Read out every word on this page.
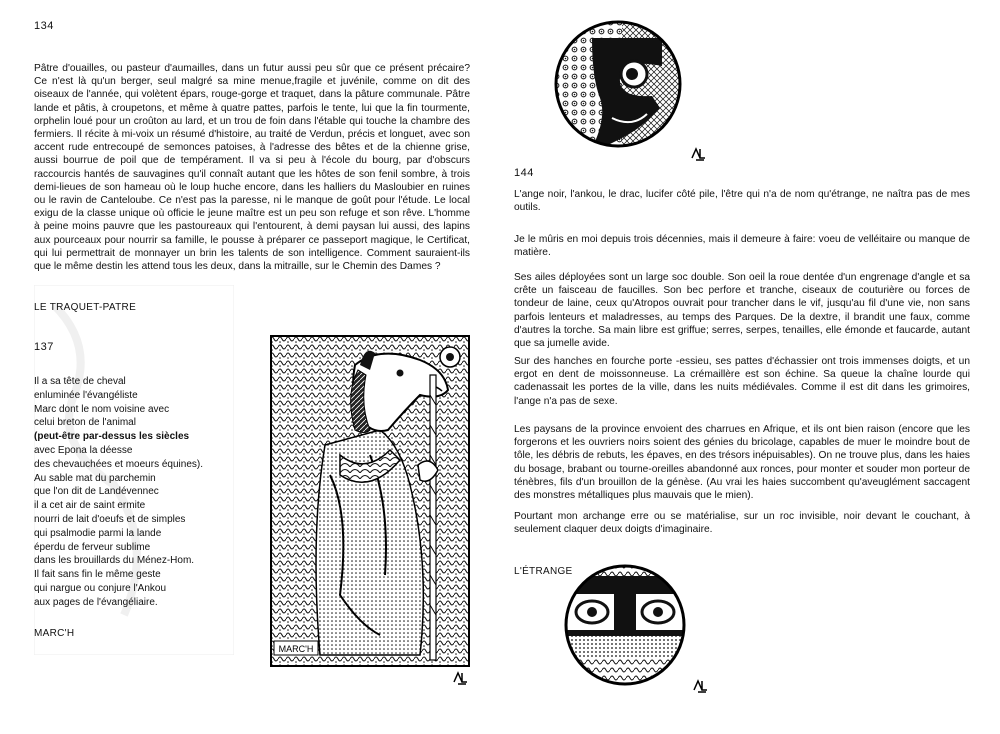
134
Pâtre d'ouailles, ou pasteur d'aumailles, dans un futur aussi peu sûr que ce présent précaire? Ce n'est là qu'un berger, seul malgré sa mine menue,fragile et juvénile, comme on dit des oiseaux de l'année, qui volètent épars, rouge-gorge et traquet, dans la pâture communale. Pâtre lande et pâtis, à croupetons, et même à quatre pattes, parfois le tente, lui que la fin tourmente, orphelin loué pour un croûton au lard, et un trou de foin dans l'étable qui touche la chambre des fermiers. Il récite à mi-voix un résumé d'histoire, au traité de Verdun, précis et longuet, avec son accent rude entrecoupé de semonces patoises, à l'adresse des bêtes et de la chienne grise, aussi bourrue de poil que de tempérament. Il va si peu à l'école du bourg, par d'obscurs raccourcis hantés de sauvagines qu'il connaît autant que les hôtes de son fenil sombre, à trois demi-lieues de son hameau où le loup huche encore, dans les halliers du Masloubier en ruines ou le ravin de Canteloube. Ce n'est pas la paresse, ni le manque de goût pour l'étude. Le local exigu de la classe unique où officie le jeune maître est un peu son refuge et son rêve. L'homme à peine moins pauvre que les pastoureaux qui l'entourent, à demi paysan lui aussi, des lapins aux pourceaux pour nourrir sa famille, le pousse à préparer ce passeport magique, le Certificat, qui lui permettrait de monnayer un brin les talents de son intelligence. Comment sauraient-ils que le même destin les attend tous les deux, dans la mitraille, sur le Chemin des Dames ?
LE TRAQUET-PATRE
137
Il a sa tête de cheval
enluminée l'évangéliste
Marc dont le nom voisine avec
celui breton de l'animal
(peut-être par-dessus les siècles
avec Epona la déesse
des chevauchées et moeurs équines).
Au sable mat du parchemin
que l'on dit de Landévennec
il a cet air de saint ermite
nourri de lait d'oeufs et de simples
qui psalmodie parmi la lande
éperdu de ferveur sublime
dans les brouillards du Ménez-Hom.
Il fait sans fin le même geste
qui nargue ou conjure l'Ankou
aux pages de l'évangéliaire.
MARC'H
MARC'H
144
L'ange noir, l'ankou, le drac, lucifer côté pile, l'être qui n'a de nom qu'étrange, ne naîtra pas de mes outils.
Je le mûris en moi depuis trois décennies, mais il demeure à faire: voeu de velléitaire ou manque de matière.
Ses ailes déployées sont un large soc double. Son oeil la roue dentée d'un engrenage d'angle et sa crête un faisceau de faucilles. Son bec perfore et tranche, ciseaux de couturière ou forces de tondeur de laine, ceux qu'Atropos ouvrait pour trancher dans le vif, jusqu'au fil d'une vie, non sans parfois lenteurs et maladresses, au temps des Parques. De la dextre, il brandit une faux, comme d'autres la torche. Sa main libre est griffue; serres, serpes, tenailles, elle émonde et faucarde, autant que sa jumelle avide.
Sur des hanches en fourche porte -essieu, ses pattes d'échassier ont trois immenses doigts, et un ergot en dent de moissonneuse. La crémaillère est son échine. Sa queue la chaîne lourde qui cadenassait les portes de la ville, dans les nuits médiévales. Comme il est dit dans les grimoires, l'ange n'a pas de sexe.
Les paysans de la province envoient des charrues en Afrique, et ils ont bien raison (encore que les forgerons et les ouvriers noirs soient des génies du bricolage, capables de muer le moindre bout de tôle, les débris de rebuts, les épaves, en des trésors inépuisables). On ne trouve plus, dans les haies du bosage, brabant ou tourne-oreilles abandonné aux ronces, pour monter et souder mon porteur de ténèbres, fils d'un brouillon de la génèse. (Au vrai les haies succombent qu'aveuglément saccagent des monstres métalliques plus mauvais que le mien).
Pourtant mon archange erre ou se matérialise, sur un roc invisible, noir devant le couchant, à seulement claquer deux doigts d'imaginaire.
L'ÉTRANGE
